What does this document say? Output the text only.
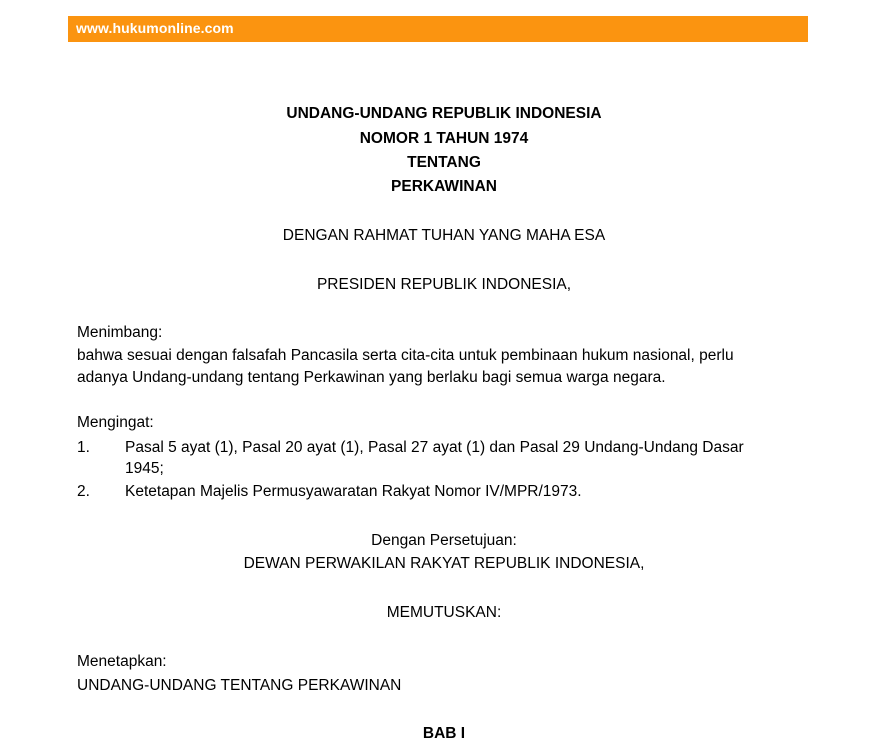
www.hukumonline.com
UNDANG-UNDANG REPUBLIK INDONESIA
NOMOR 1 TAHUN 1974
TENTANG
PERKAWINAN
DENGAN RAHMAT TUHAN YANG MAHA ESA
PRESIDEN REPUBLIK INDONESIA,
Menimbang:
bahwa sesuai dengan falsafah Pancasila serta cita-cita untuk pembinaan hukum nasional, perlu
adanya Undang-undang tentang Perkawinan yang berlaku bagi semua warga negara.
Mengingat:
1. Pasal 5 ayat (1), Pasal 20 ayat (1), Pasal 27 ayat (1) dan Pasal 29 Undang-Undang Dasar
1945;
2. Ketetapan Majelis Permusyawaratan Rakyat Nomor IV/MPR/1973.
Dengan Persetujuan:
DEWAN PERWAKILAN RAKYAT REPUBLIK INDONESIA,
MEMUTUSKAN:
Menetapkan:
UNDANG-UNDANG TENTANG PERKAWINAN
BAB I
